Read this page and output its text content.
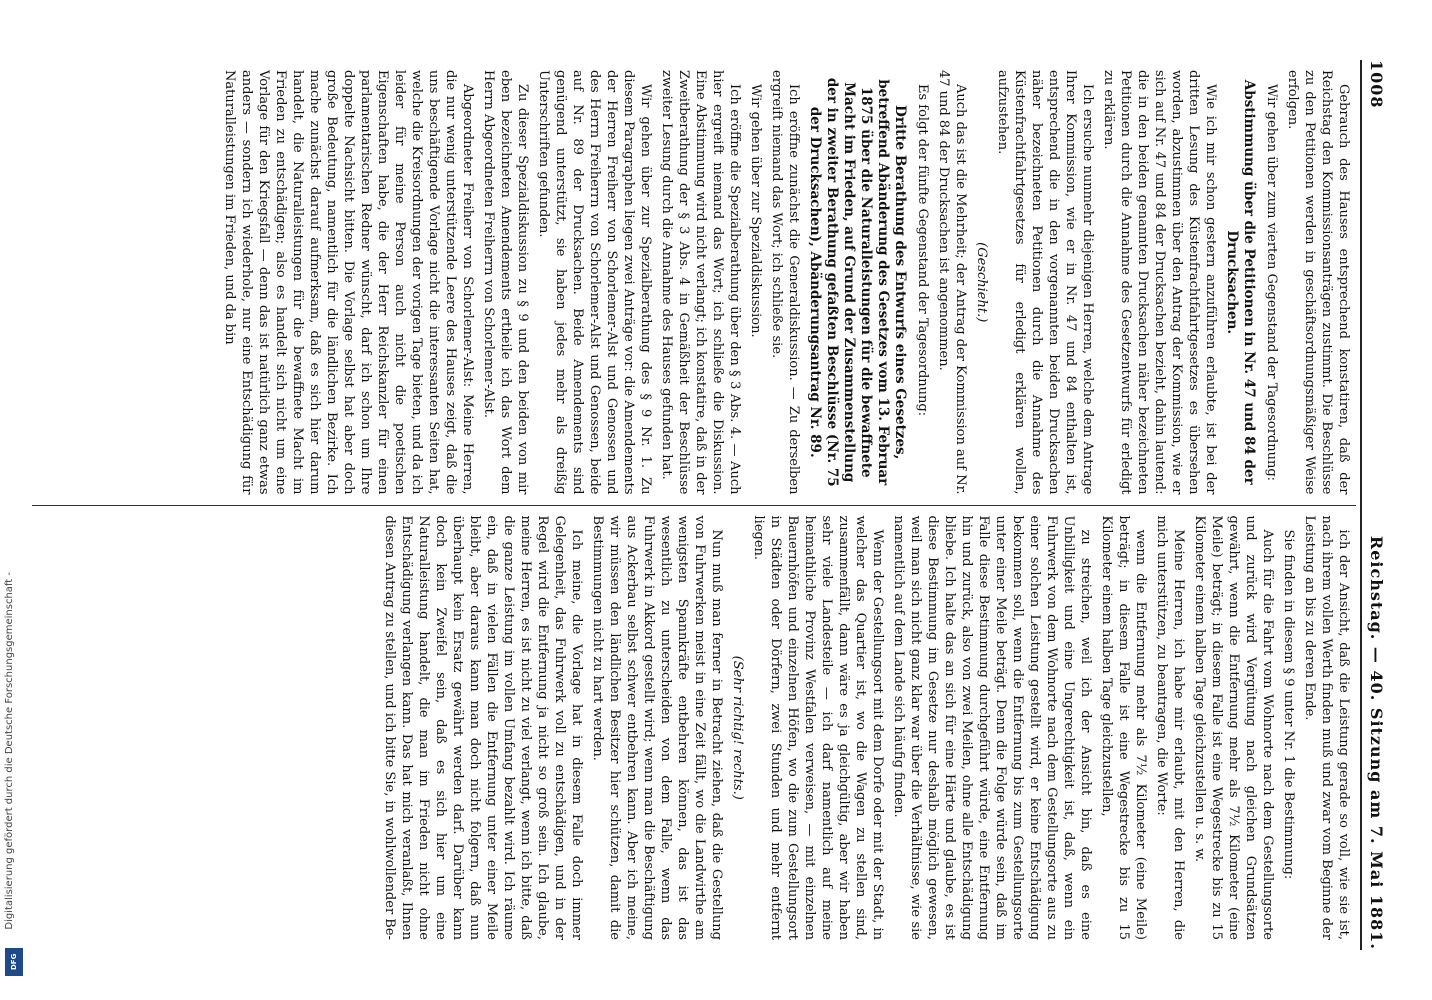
1008
Reichstag. — 40. Sitzung am 7. Mai 1881.

Gebrauch des Hauses entsprechend konstatiren, daß der Reichstag den Kommissionsanträgen zustimmt. Die Beschlüsse zu den Petitionen werden in geschäftsordnungsmäßiger Weise erfolgen.

Wir gehen über zum vierten Gegenstand der Tagesordnung:

Abstimmung über die Petitionen in Nr. 47 und 84 der Drucksachen.

Wie ich mir schon gestern anzuführen erlaubte, ist bei der dritten Lesung des Küstenfrachtfahrtgesetzes es übersehen worden, abzustimmen über den Antrag der Kommission, wie er sich auf Nr. 47 und 84 der Drucksachen bezieht, dahin lautend: die in den beiden genannten Drucksachen näher bezeichneten Petitionen durch die Annahme des Gesetzentwurfs für erledigt zu erklären.

Ich ersuche nunmehr diejenigen Herren, welche dem Antrage Ihrer Kommission, wie er in Nr. 47 und 84 enthalten ist, entsprechend die in den vorgenannten beiden Drucksachen näher bezeichneten Petitionen durch die Annahme des Küstenfrachtfahrtgesetzes für erledigt erklären wollen, aufzustehen.

(Geschieht.)

Auch das ist die Mehrheit; der Antrag der Kommission auf Nr. 47 und 84 der Drucksachen ist angenommen.

Es folgt der fünfte Gegenstand der Tagesordnung:

Dritte Berathung des Entwurfs eines Gesetzes, betreffend Abänderung des Gesetzes vom 13. Februar 1875 über die Naturalleistungen für die bewaffnete Macht im Frieden, auf Grund der Zusammenstellung der in zweiter Berathung gefaßten Beschlüsse (Nr. 75 der Drucksachen), Abänderungsantrag Nr. 89.

Ich eröffne zunächst die Generaldiskussion. — Zu derselben ergreift niemand das Wort; ich schließe sie.

Wir gehen über zur Spezialdiskussion.

Ich eröffne die Spezialberathung über den § 3 Abs. 4. — Auch hier ergreift niemand das Wort; ich schließe die Diskussion. Eine Abstimmung wird nicht verlangt; ich konstatire, daß in der Zweitberathung der § 3 Abs. 4 in Gemäßheit der Beschlüsse zweiter Lesung durch die Annahme des Hauses gefunden hat.

Wir gehen über zur Spezialberathung des § 9 Nr. 1. Zu diesem Paragraphen liegen zwei Anträge vor: die Amendements der Herren Freiherr von Schorlemer-Alst und Genossen und des Herrn Freiherrn von Schorlemer-Alst und Genossen, beide auf Nr. 89 der Drucksachen. Beide Amendements sind genügend unterstützt, sie haben jedes mehr als dreißig Unterschriften gefunden.

Zu dieser Spezialdiskussion zu § 9 und den beiden von mir eben bezeichneten Amendements ertheile ich das Wort dem Herrn Abgeordneten Freiherrn von Schorlemer-Alst.

Abgeordneter Freiherr von Schorlemer-Alst: Meine Herren, die nur wenig unterstützende Leere des Hauses zeigt, daß die uns beschäftigende Vorlage nicht die interessanten Seiten hat, welche die Kreisordnungen der vorigen Tage bieten, und da ich leider für meine Person auch nicht die poetischen Eigenschaften habe, die der Herr Reichskanzler für einen parlamentarischen Redner wünscht, darf ich schon um Ihre doppelte Nachsicht bitten. Die Vorlage selbst hat aber doch große Bedeutung, namentlich für die ländlichen Bezirke. Ich mache zunächst darauf aufmerksam, daß es sich hier darum handelt, die Naturalleistungen für die bewaffnete Macht im Frieden zu entschädigen; also es handelt sich nicht um eine Vorlage für den Kriegsfall — denn das ist natürlich ganz etwas anders — sondern ich wiederhole, nur eine Entschädigung für Naturalleistungen im Frieden, und da bin

ich der Ansicht, daß die Leistung gerade so voll, wie sie ist, nach ihrem vollen Werth finden muß und zwar vom Beginne der Leistung an bis zu deren Ende.

Sie finden in diesem § 9 unter Nr. 1 die Bestimmung:

Auch für die Fahrt vom Wohnorte nach dem Gestellungsorte und zurück wird Vergütung nach gleichen Grundsätzen gewährt, wenn die Entfernung mehr als 7½ Kilometer (eine Meile) beträgt; in diesem Falle ist eine Wegestrecke bis zu 15 Kilometer einem halben Tage gleichzustellen u. s. w.

Meine Herren, ich habe mir erlaubt, mit den Herren, die mich unterstützen, zu beantragen, die Worte:

wenn die Entfernung mehr als 7½ Kilometer (eine Meile) beträgt; in diesem Falle ist eine Wegestrecke bis zu 15 Kilometer einem halben Tage gleichzustellen,

zu streichen, weil ich der Ansicht bin, daß es eine Unbilligkeit und eine Ungerechtigkeit ist, daß, wenn ein Fuhrwerk von dem Wohnorte nach dem Gestellungsorte aus zu einer solchen Leistung gestellt wird, er keine Entschädigung bekommen soll, wenn die Entfernung bis zum Gestellungsorte unter einer Meile beträgt. Denn die Folge würde sein, daß im Falle diese Bestimmung durchgeführt würde, eine Entfernung hin und zurück, also von zwei Meilen, ohne alle Entschädigung bliebe. Ich halte das an sich für eine Härte und glaube, es ist diese Bestimmung im Gesetze nur deshalb möglich gewesen, weil man sich nicht ganz klar war über die Verhältnisse, wie sie namentlich auf dem Lande sich häufig finden.

Wenn der Gestellungsort mit dem Dorfe oder mit der Stadt, in welcher das Quartier ist, wo die Wagen zu stellen sind, zusammenfällt, dann wäre es ja gleichgültig, aber wir haben sehr viele Landesteile — ich darf namentlich auf meine heimathliche Provinz Westfalen verweisen, — mit einzelnen Bauernhöfen und einzelnen Höfen, wo die zum Gestellungsort in Städten oder Dörfern, zwei Stunden und mehr entfernt liegen.

(Sehr richtig! rechts.)

Nun muß man ferner in Betracht ziehen, daß die Gestellung von Fuhrwerken meist in eine Zeit fällt, wo die Landwirthe am wenigsten Spannkräfte entbehren können, das ist das wesentlich zu unterscheiden von dem Falle, wenn das Fuhrwerk in Akkord gestellt wird; wenn man die Beschäftigung aus Ackerbau selbst schwer entbehren kann. Aber ich meine, wir müssen den ländlichen Besitzer hier schützen, damit die Bestimmungen nicht zu hart werden.

Ich meine, die Vorlage hat in diesem Falle doch immer Gelegenheit, das Fuhrwerk voll zu entschädigen, und in der Regel wird die Entfernung ja nicht so groß sein. Ich glaube, meine Herren, es ist nicht zu viel verlangt, wenn ich bitte, daß die ganze Leistung im vollen Umfang bezahlt wird. Ich räume ein, daß in vielen Fällen die Entfernung unter einer Meile bleibt, aber daraus kann man doch nicht folgern, daß nun überhaupt kein Ersatz gewährt werden darf. Darüber kann doch kein Zweifel sein, daß es sich hier um eine Naturalleistung handelt, die man im Frieden nicht ohne Entschädigung verlangen kann. Das hat mich veranlaßt, Ihnen diesen Antrag zu stellen, und ich bitte Sie, in wohlwollender Be-

Digitalisierung gefördert durch die Deutsche Forschungsgemeinschaft -
DFG
